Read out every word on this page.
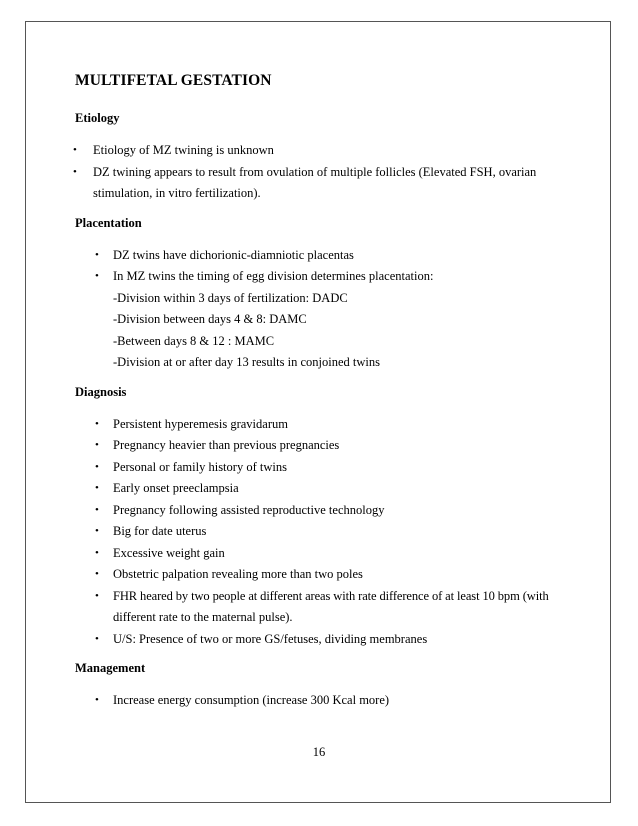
MULTIFETAL GESTATION
Etiology
• Etiology of MZ twining is unknown
• DZ twining appears to result from ovulation of multiple follicles (Elevated FSH, ovarian
stimulation, in vitro fertilization).
Placentation
• DZ twins have dichorionic-diamniotic placentas
• In MZ twins the timing of egg division determines placentation:
-Division within 3 days of fertilization: DADC
-Division between days 4 & 8: DAMC
-Between days 8 & 12 : MAMC
-Division at or after day 13 results in conjoined twins
Diagnosis
• Persistent hyperemesis gravidarum
• Pregnancy heavier than previous pregnancies
• Personal or family history of twins
• Early onset preeclampsia
• Pregnancy following assisted reproductive technology
• Big for date uterus
• Excessive weight gain
• Obstetric palpation revealing more than two poles
• FHR heared by two people at different areas with rate difference of at least 10 bpm (with
different rate to the maternal pulse).
• U/S: Presence of two or more GS/fetuses, dividing membranes
Management
• Increase energy consumption (increase 300 Kcal more)
16
